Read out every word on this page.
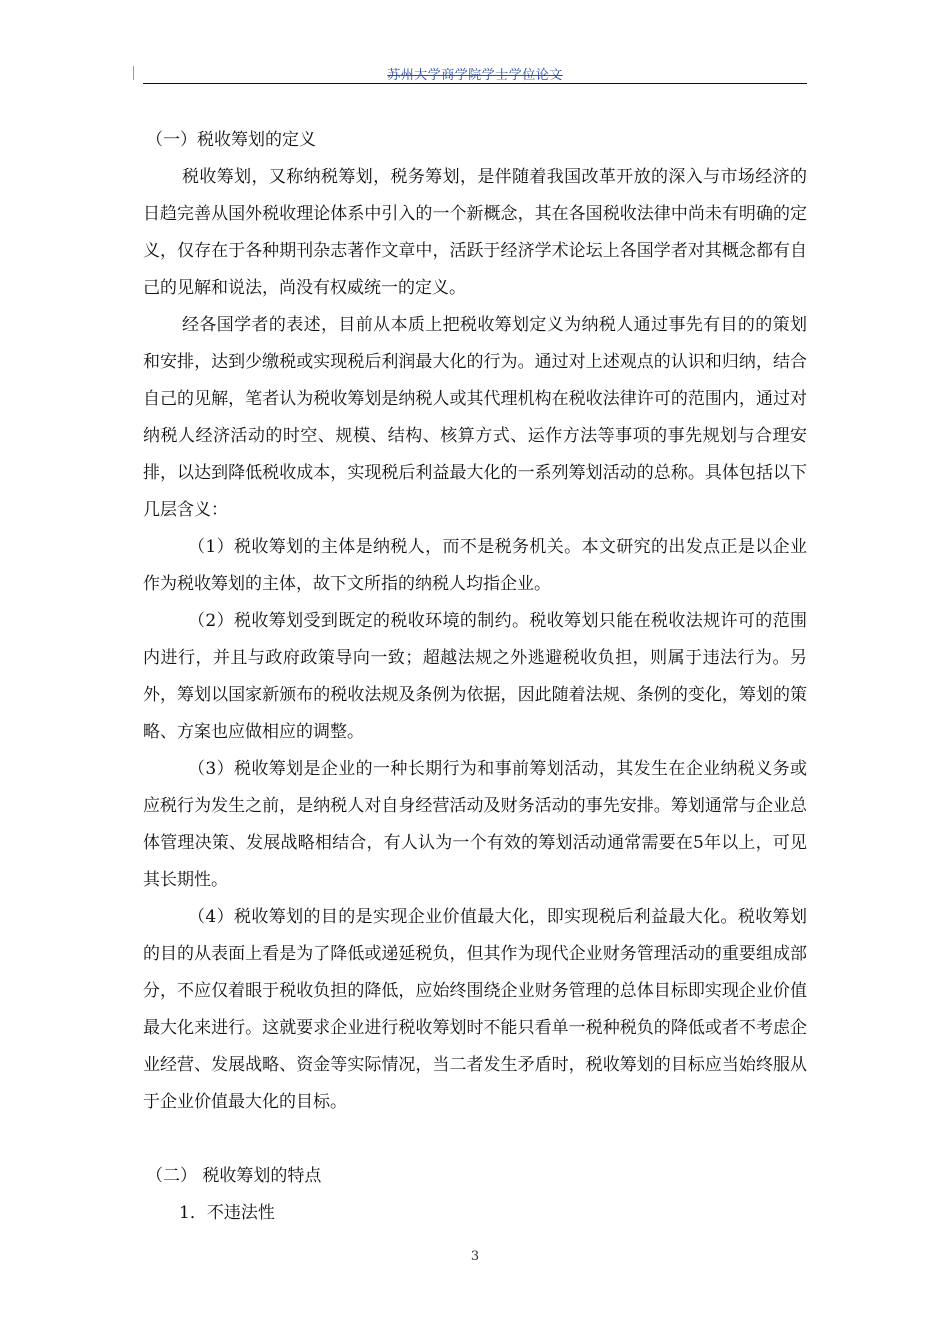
苏州大学商学院学士学位论文

（一）税收筹划的定义

税收筹划，又称纳税筹划，税务筹划，是伴随着我国改革开放的深入与市场经济的日趋完善从国外税收理论体系中引入的一个新概念，其在各国税收法律中尚未有明确的定义，仅存在于各种期刊杂志著作文章中，活跃于经济学术论坛上各国学者对其概念都有自己的见解和说法，尚没有权威统一的定义。

经各国学者的表述，目前从本质上把税收筹划定义为纳税人通过事先有目的的策划和安排，达到少缴税或实现税后利润最大化的行为。通过对上述观点的认识和归纳，结合自己的见解，笔者认为税收筹划是纳税人或其代理机构在税收法律许可的范围内，通过对纳税人经济活动的时空、规模、结构、核算方式、运作方法等事项的事先规划与合理安排，以达到降低税收成本，实现税后利益最大化的一系列筹划活动的总称。具体包括以下几层含义：

（1）税收筹划的主体是纳税人，而不是税务机关。本文研究的出发点正是以企业作为税收筹划的主体，故下文所指的纳税人均指企业。

（2）税收筹划受到既定的税收环境的制约。税收筹划只能在税收法规许可的范围内进行，并且与政府政策导向一致；超越法规之外逃避税收负担，则属于违法行为。另外，筹划以国家新颁布的税收法规及条例为依据，因此随着法规、条例的变化，筹划的策略、方案也应做相应的调整。

（3）税收筹划是企业的一种长期行为和事前筹划活动，其发生在企业纳税义务或应税行为发生之前，是纳税人对自身经营活动及财务活动的事先安排。筹划通常与企业总体管理决策、发展战略相结合，有人认为一个有效的筹划活动通常需要在5年以上，可见其长期性。

（4）税收筹划的目的是实现企业价值最大化，即实现税后利益最大化。税收筹划的目的从表面上看是为了降低或递延税负，但其作为现代企业财务管理活动的重要组成部分，不应仅着眼于税收负担的降低，应始终围绕企业财务管理的总体目标即实现企业价值最大化来进行。这就要求企业进行税收筹划时不能只看单一税种税负的降低或者不考虑企业经营、发展战略、资金等实际情况，当二者发生矛盾时，税收筹划的目标应当始终服从于企业价值最大化的目标。

（二） 税收筹划的特点

1．不违法性

3
